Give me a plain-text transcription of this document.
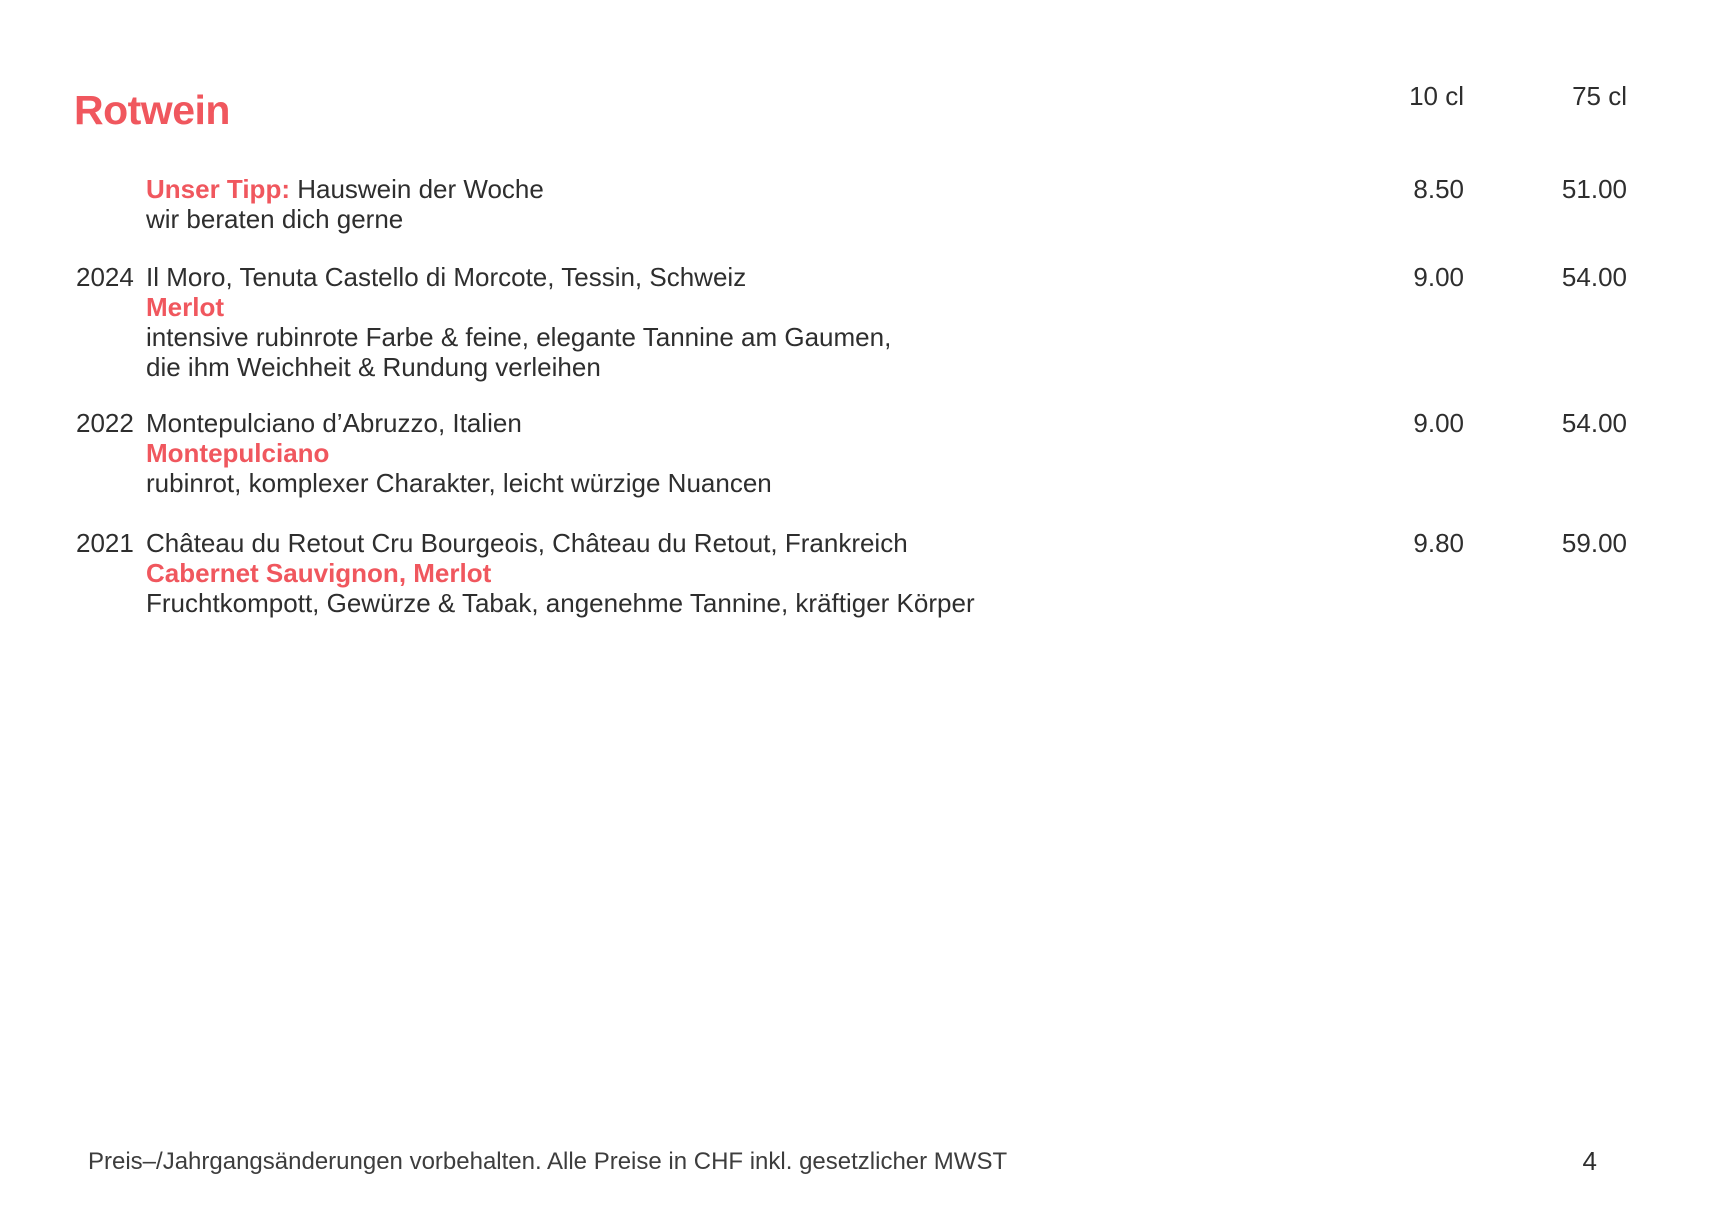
Rotwein	10 cl	75 cl
Unser Tipp: Hauswein der Woche
wir beraten dich gerne
8.50	51.00
2024 Il Moro, Tenuta Castello di Morcote, Tessin, Schweiz
Merlot
intensive rubinrote Farbe & feine, elegante Tannine am Gaumen,
die ihm Weichheit & Rundung verleihen
9.00	54.00
2022 Montepulciano d’Abruzzo, Italien
Montepulciano
rubinrot, komplexer Charakter, leicht würzige Nuancen
9.00	54.00
2021 Château du Retout Cru Bourgeois, Château du Retout, Frankreich
Cabernet Sauvignon, Merlot
Fruchtkompott, Gewürze & Tabak, angenehme Tannine, kräftiger Körper
9.80	59.00
Preis–/Jahrgangsänderungen vorbehalten. Alle Preise in CHF inkl. gesetzlicher MWST	4
